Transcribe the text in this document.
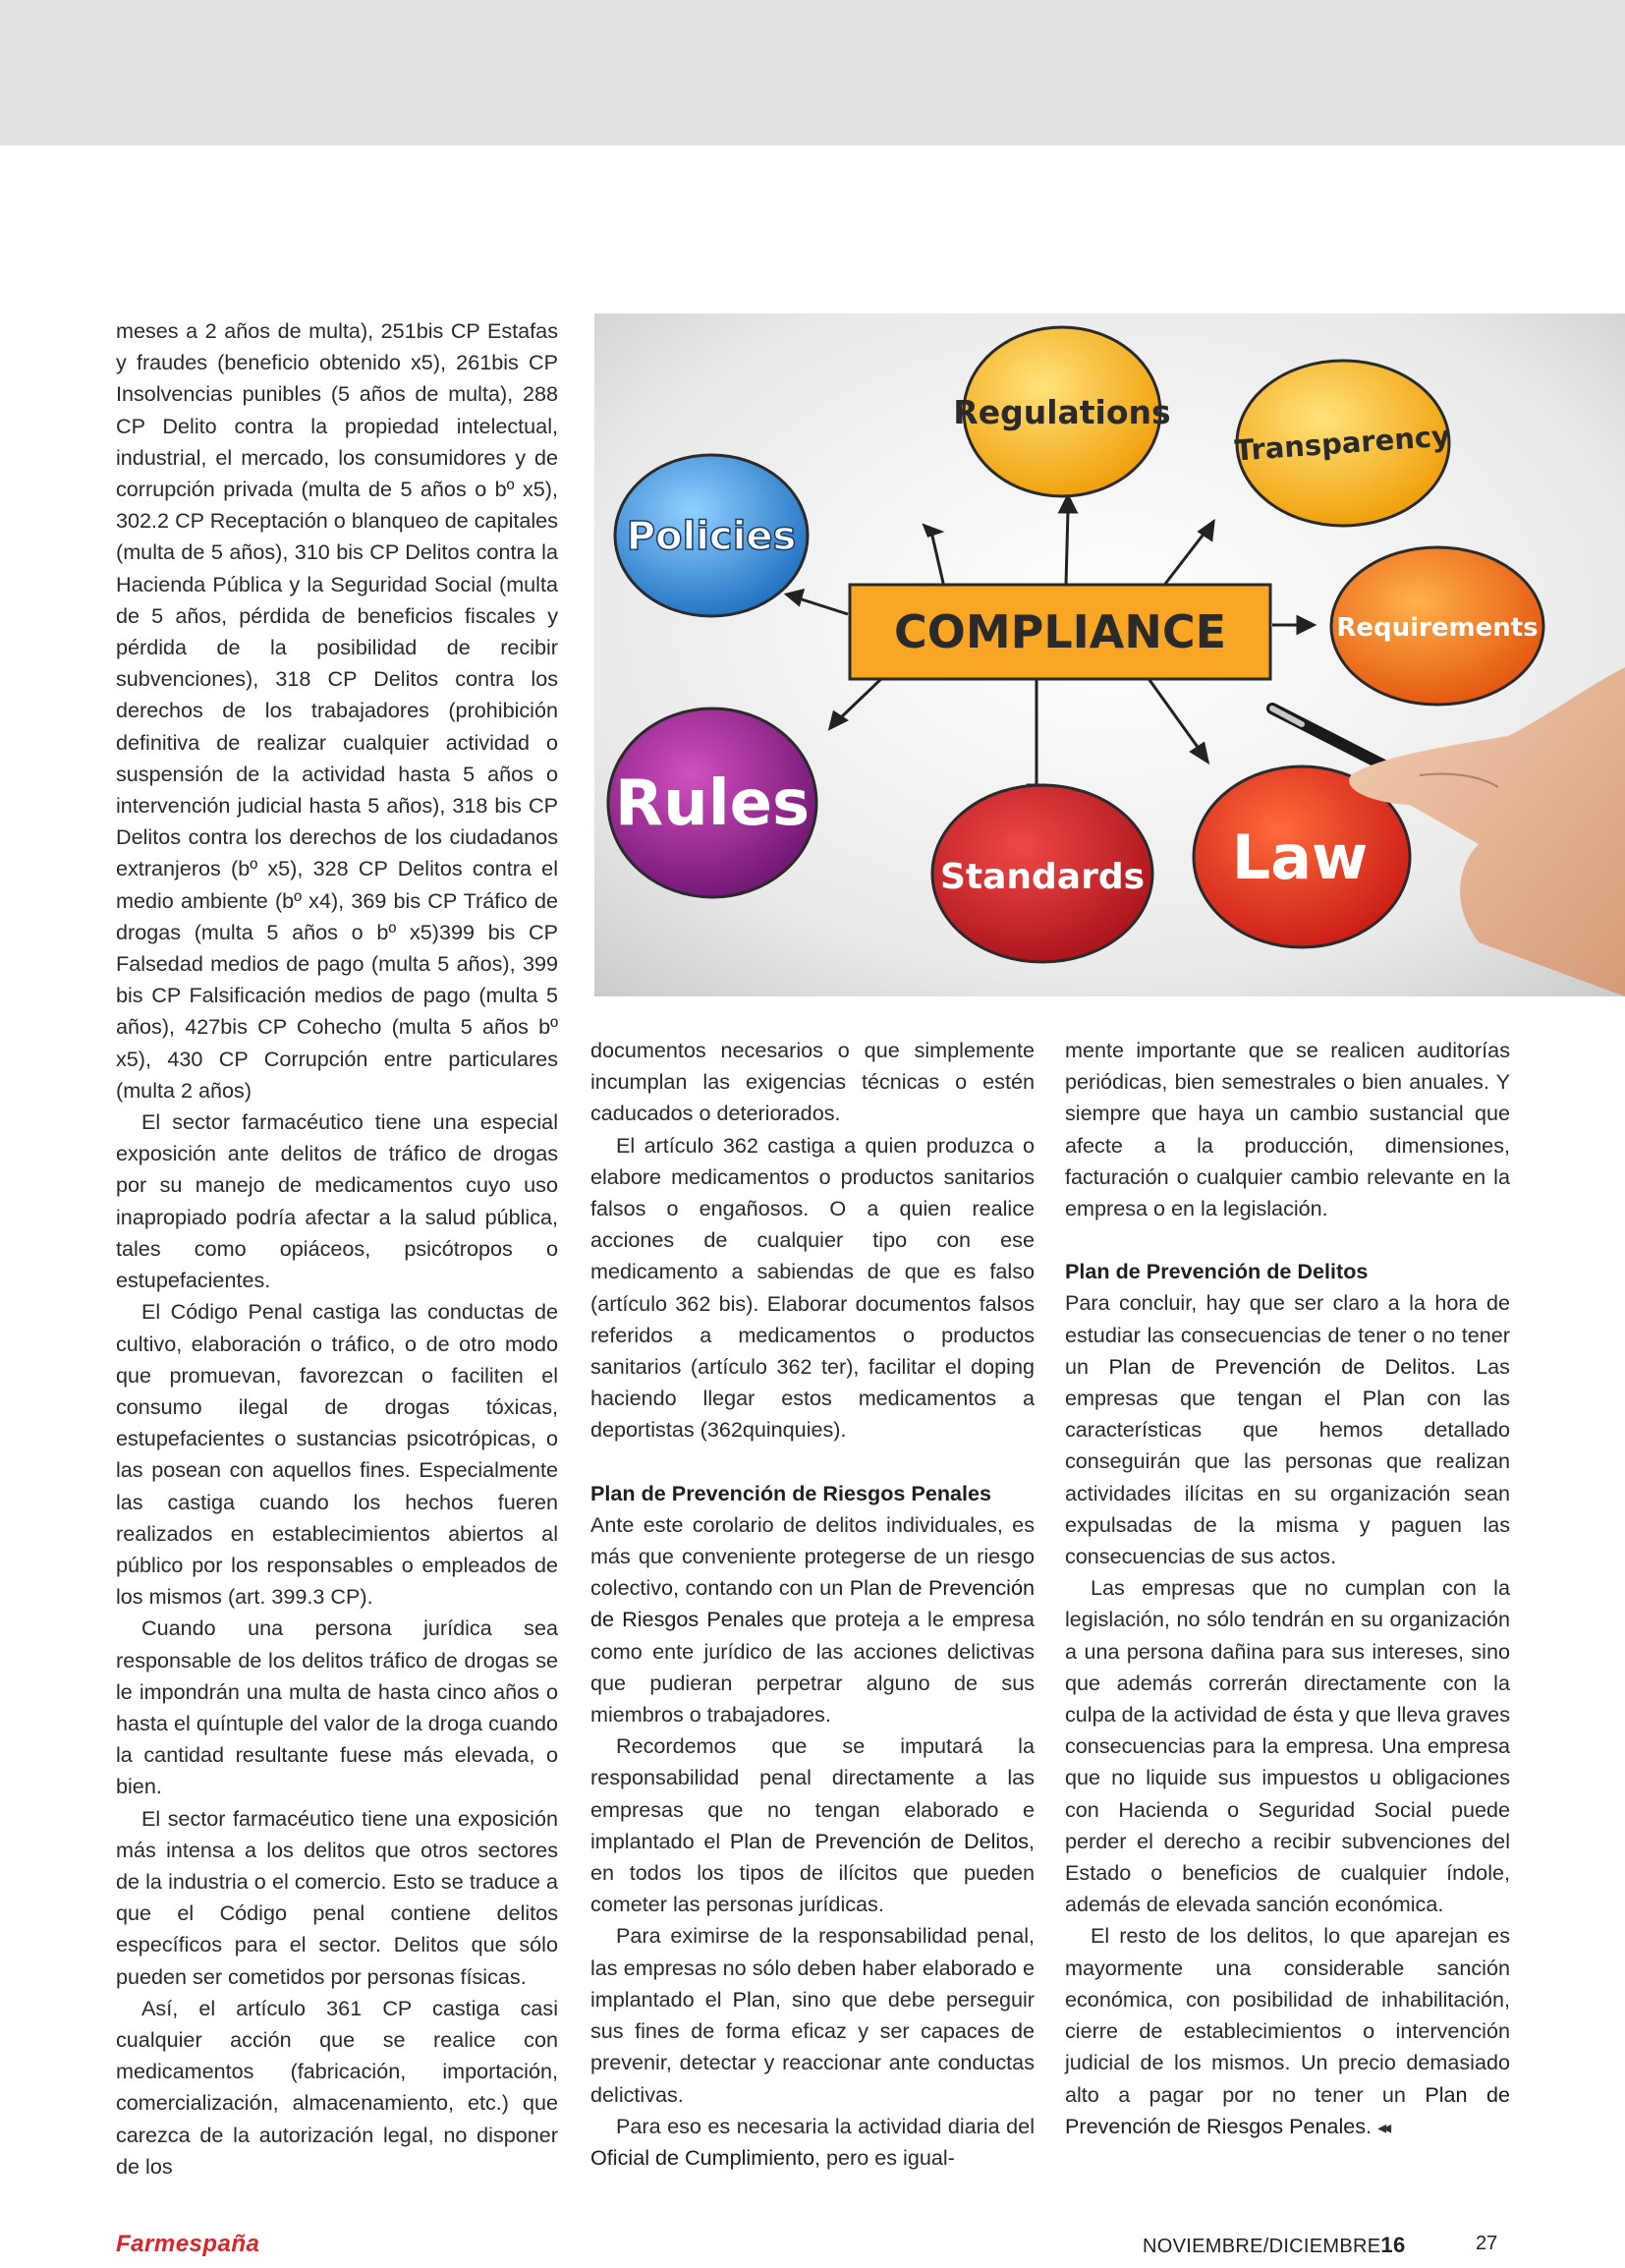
meses a 2 años de multa), 251bis CP Estafas y fraudes (beneficio obtenido x5), 261bis CP Insolvencias punibles (5 años de multa), 288 CP Delito contra la propiedad intelectual, industrial, el mercado, los consumidores y de corrupción privada (multa de 5 años o bº x5), 302.2 CP Receptación o blanqueo de capitales (multa de 5 años), 310 bis CP Delitos contra la Hacienda Pública y la Seguridad Social (multa de 5 años, pérdida de beneficios fiscales y pérdida de la posibilidad de recibir subvenciones), 318 CP Delitos contra los derechos de los trabajadores (prohibición definitiva de realizar cualquier actividad o suspensión de la actividad hasta 5 años o intervención judicial hasta 5 años), 318 bis CP Delitos contra los derechos de los ciudadanos extranjeros (bº x5), 328 CP Delitos contra el medio ambiente (bº x4), 369 bis CP Tráfico de drogas (multa 5 años o bº x5)399 bis CP Falsedad medios de pago (multa 5 años), 399 bis CP Falsificación medios de pago (multa 5 años), 427bis CP Cohecho (multa 5 años bº x5), 430 CP Corrupción entre particulares (multa 2 años)

El sector farmacéutico tiene una especial exposición ante delitos de tráfico de drogas por su manejo de medicamentos cuyo uso inapropiado podría afectar a la salud pública, tales como opiáceos, psicótropos o estupefacientes.

El Código Penal castiga las conductas de cultivo, elaboración o tráfico, o de otro modo que promuevan, favorezcan o faciliten el consumo ilegal de drogas tóxicas, estupefacientes o sustancias psicotrópicas, o las posean con aquellos fines. Especialmente las castiga cuando los hechos fueren realizados en establecimientos abiertos al público por los responsables o empleados de los mismos (art. 399.3 CP).

Cuando una persona jurídica sea responsable de los delitos tráfico de drogas se le impondrán una multa de hasta cinco años o hasta el quíntuple del valor de la droga cuando la cantidad resultante fuese más elevada, o bien.

El sector farmacéutico tiene una exposición más intensa a los delitos que otros sectores de la industria o el comercio. Esto se traduce a que el Código penal contiene delitos específicos para el sector. Delitos que sólo pueden ser cometidos por personas físicas.

Así, el artículo 361 CP castiga casi cualquier acción que se realice con medicamentos (fabricación, importación, comercialización, almacenamiento, etc.) que carezca de la autorización legal, no disponer de los

Regulations
Transparency
Policies
Requirements
Rules
Standards Law
COMPLIANCE

documentos necesarios o que simplemente incumplan las exigencias técnicas o estén caducados o deteriorados.

El artículo 362 castiga a quien produzca o elabore medicamentos o productos sanitarios falsos o engañosos. O a quien realice acciones de cualquier tipo con ese medicamento a sabiendas de que es falso (artículo 362 bis). Elaborar documentos falsos referidos a medicamentos o productos sanitarios (artículo 362 ter), facilitar el doping haciendo llegar estos medicamentos a deportistas (362quinquies).

Plan de Prevención de Riesgos Penales

Ante este corolario de delitos individuales, es más que conveniente protegerse de un riesgo colectivo, contando con un Plan de Prevención de Riesgos Penales que proteja a le empresa como ente jurídico de las acciones delictivas que pudieran perpetrar alguno de sus miembros o trabajadores.

Recordemos que se imputará la responsabilidad penal directamente a las empresas que no tengan elaborado e implantado el Plan de Prevención de Delitos, en todos los tipos de ilícitos que pueden cometer las personas jurídicas.

Para eximirse de la responsabilidad penal, las empresas no sólo deben haber elaborado e implantado el Plan, sino que debe perseguir sus fines de forma eficaz y ser capaces de prevenir, detectar y reaccionar ante conductas delictivas.

Para eso es necesaria la actividad diaria del Oficial de Cumplimiento, pero es igual-

mente importante que se realicen auditorías periódicas, bien semestrales o bien anuales. Y siempre que haya un cambio sustancial que afecte a la producción, dimensiones, facturación o cualquier cambio relevante en la empresa o en la legislación.

Plan de Prevención de Delitos

Para concluir, hay que ser claro a la hora de estudiar las consecuencias de tener o no tener un Plan de Prevención de Delitos. Las empresas que tengan el Plan con las características que hemos detallado conseguirán que las personas que realizan actividades ilícitas en su organización sean expulsadas de la misma y paguen las consecuencias de sus actos.

Las empresas que no cumplan con la legislación, no sólo tendrán en su organización a una persona dañina para sus intereses, sino que además correrán directamente con la culpa de la actividad de ésta y que lleva graves consecuencias para la empresa. Una empresa que no liquide sus impuestos u obligaciones con Hacienda o Seguridad Social puede perder el derecho a recibir subvenciones del Estado o beneficios de cualquier índole, además de elevada sanción económica.

El resto de los delitos, lo que aparejan es mayormente una considerable sanción económica, con posibilidad de inhabilitación, cierre de establecimientos o intervención judicial de los mismos. Un precio demasiado alto a pagar por no tener un Plan de Prevención de Riesgos Penales. ◂◂

Farmespaña	NOVIEMBRE/DICIEMBRE16	27
